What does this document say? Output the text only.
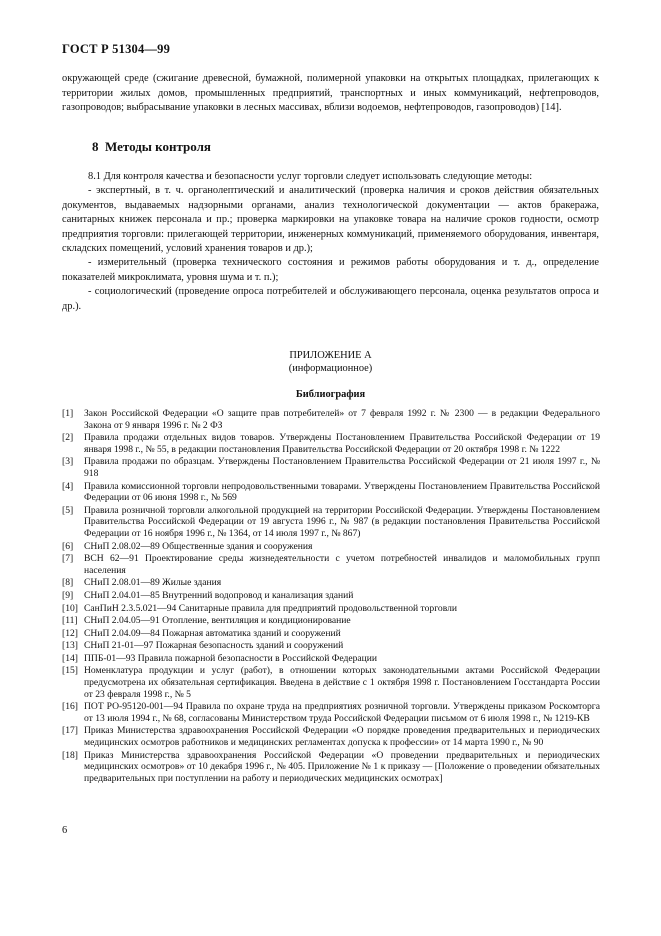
ГОСТ Р 51304—99
окружающей среде (сжигание древесной, бумажной, полимерной упаковки на открытых площадках, прилегающих к территории жилых домов, промышленных предприятий, транспортных и иных коммуникаций, нефтепроводов, газопроводов; выбрасывание упаковки в лесных массивах, вблизи водоемов, нефтепроводов, газопроводов) [14].
8 Методы контроля

8.1 Для контроля качества и безопасности услуг торговли следует использовать следующие методы:

- экспертный, в т. ч. органолептический и аналитический (проверка наличия и сроков действия обязательных документов, выдаваемых надзорными органами, анализ технологической документации — актов бракеража, санитарных книжек персонала и пр.; проверка маркировки на упаковке товара на наличие сроков годности, осмотр предприятия торговли: прилегающей территории, инженерных коммуникаций, применяемого оборудования, инвентаря, складских помещений, условий хранения товаров и др.);

- измерительный (проверка технического состояния и режимов работы оборудования и т. д., определение показателей микроклимата, уровня шума и т. п.);

- социологический (проведение опроса потребителей и обслуживающего персонала, оценка результатов опроса и др.).

ПРИЛОЖЕНИЕ А
(информационное)
Библиография
[1]	Закон Российской Федерации «О защите прав потребителей» от 7 февраля 1992 г. № 2300 — в редакции Федерального Закона от 9 января 1996 г. № 2 ФЗ
[2]	Правила продажи отдельных видов товаров. Утверждены Постановлением Правительства Российской Федерации от 19 января 1998 г., № 55, в редакции постановления Правительства Российской Федерации от 20 октября 1998 г. № 1222
[3]	Правила продажи по образцам. Утверждены Постановлением Правительства Российской Федерации от 21 июля 1997 г., № 918
[4]	Правила комиссионной торговли непродовольственными товарами. Утверждены Постановлением Правительства Российской Федерации от 06 июня 1998 г., № 569
[5]	Правила розничной торговли алкогольной продукцией на территории Российской Федерации. Утверждены Постановлением Правительства Российской Федерации от 19 августа 1996 г., № 987 (в редакции постановления Правительства Российской Федерации от 16 ноября 1996 г., № 1364, от 14 июля 1997 г., № 867)
[6]	СНиП 2.08.02—89 Общественные здания и сооружения
[7]	ВСН 62—91 Проектирование среды жизнедеятельности с учетом потребностей инвалидов и маломобильных групп населения
[8]	СНиП 2.08.01—89 Жилые здания
[9]	СНиП 2.04.01—85 Внутренний водопровод и канализация зданий
[10] СанПиН 2.3.5.021—94 Санитарные правила для предприятий продовольственной торговли
[11] СНиП 2.04.05—91 Отопление, вентиляция и кондиционирование
[12] СНиП 2.04.09—84 Пожарная автоматика зданий и сооружений
[13] СНиП 21-01—97 Пожарная безопасность зданий и сооружений
[14] ППБ-01—93 Правила пожарной безопасности в Российской Федерации
[15] Номенклатура продукции и услуг (работ), в отношении которых законодательными актами Российской Федерации предусмотрена их обязательная сертификация. Введена в действие с 1 октября 1998 г. Постановлением Госстандарта России от 23 февраля 1998 г., № 5
[16] ПОТ РО-95120-001—94 Правила по охране труда на предприятиях розничной торговли. Утверждены приказом Роскомторга от 13 июля 1994 г., № 68, согласованы Министерством труда Российской Федерации письмом от 6 июля 1998 г., № 1219-КВ
[17] Приказ Министерства здравоохранения Российской Федерации «О порядке проведения предварительных и периодических медицинских осмотров работников и медицинских регламентах допуска к профессии» от 14 марта 1990 г., № 90
[18] Приказ Министерства здравоохранения Российской Федерации «О проведении предварительных и периодических медицинских осмотров» от 10 декабря 1996 г., № 405. Приложение № 1 к приказу — [Положение о проведении обязательных предварительных при поступлении на работу и периодических медицинских осмотрах]
6
